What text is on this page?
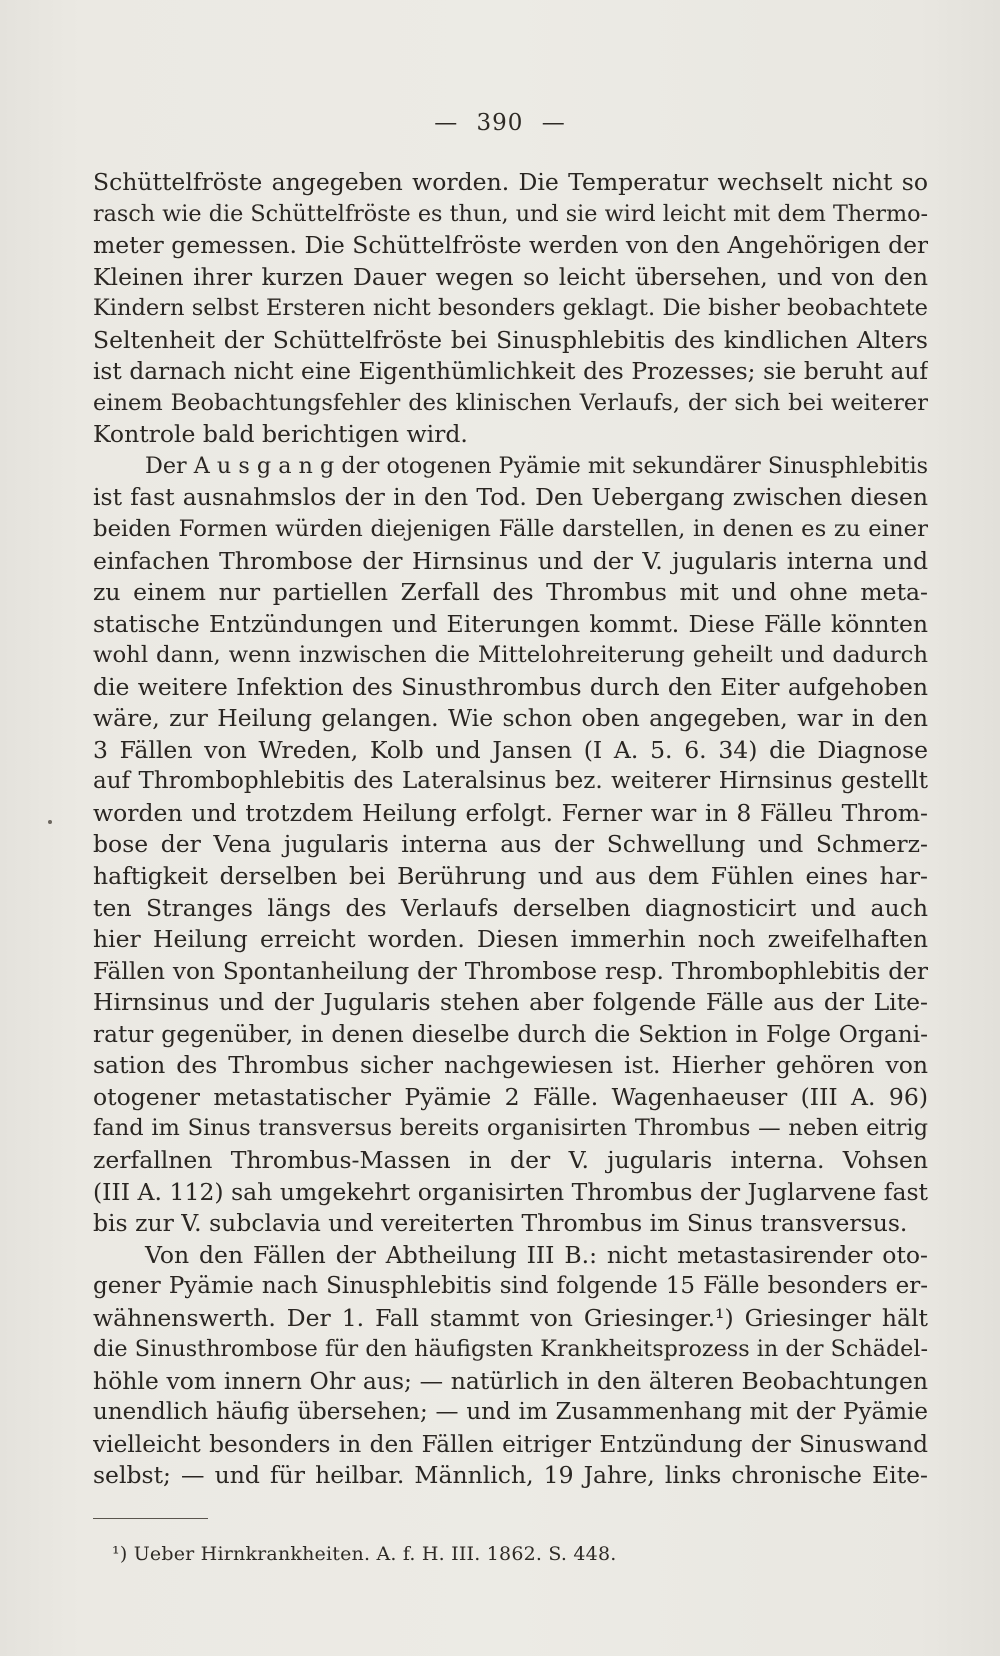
— 390 —
Schüttelfröste angegeben worden. Die Temperatur wechselt nicht so
rasch wie die Schüttelfröste es thun, und sie wird leicht mit dem Thermo-
meter gemessen. Die Schüttelfröste werden von den Angehörigen der
Kleinen ihrer kurzen Dauer wegen so leicht übersehen, und von den
Kindern selbst Ersteren nicht besonders geklagt. Die bisher beobachtete
Seltenheit der Schüttelfröste bei Sinusphlebitis des kindlichen Alters
ist darnach nicht eine Eigenthümlichkeit des Prozesses; sie beruht auf
einem Beobachtungsfehler des klinischen Verlaufs, der sich bei weiterer
Kontrole bald berichtigen wird.
Der A u s g a n g der otogenen Pyämie mit sekundärer Sinusphlebitis
ist fast ausnahmslos der in den Tod. Den Uebergang zwischen diesen
beiden Formen würden diejenigen Fälle darstellen, in denen es zu einer
einfachen Thrombose der Hirnsinus und der V. jugularis interna und
zu einem nur partiellen Zerfall des Thrombus mit und ohne meta-
statische Entzündungen und Eiterungen kommt. Diese Fälle könnten
wohl dann, wenn inzwischen die Mittelohreiterung geheilt und dadurch
die weitere Infektion des Sinusthrombus durch den Eiter aufgehoben
wäre, zur Heilung gelangen. Wie schon oben angegeben, war in den
3 Fällen von Wreden, Kolb und Jansen (I A. 5. 6. 34) die Diagnose
auf Thrombophlebitis des Lateralsinus bez. weiterer Hirnsinus gestellt
worden und trotzdem Heilung erfolgt. Ferner war in 8 Fälleu Throm-
bose der Vena jugularis interna aus der Schwellung und Schmerz-
haftigkeit derselben bei Berührung und aus dem Fühlen eines har-
ten Stranges längs des Verlaufs derselben diagnosticirt und auch
hier Heilung erreicht worden. Diesen immerhin noch zweifelhaften
Fällen von Spontanheilung der Thrombose resp. Thrombophlebitis der
Hirnsinus und der Jugularis stehen aber folgende Fälle aus der Lite-
ratur gegenüber, in denen dieselbe durch die Sektion in Folge Organi-
sation des Thrombus sicher nachgewiesen ist. Hierher gehören von
otogener metastatischer Pyämie 2 Fälle. Wagenhaeuser (III A. 96)
fand im Sinus transversus bereits organisirten Thrombus — neben eitrig
zerfallnen Thrombus-Massen in der V. jugularis interna. Vohsen
(III A. 112) sah umgekehrt organisirten Thrombus der Juglarvene fast
bis zur V. subclavia und vereiterten Thrombus im Sinus transversus.
Von den Fällen der Abtheilung III B.: nicht metastasirender oto-
gener Pyämie nach Sinusphlebitis sind folgende 15 Fälle besonders er-
wähnenswerth. Der 1. Fall stammt von Griesinger.¹) Griesinger hält
die Sinusthrombose für den häufigsten Krankheitsprozess in der Schädel-
höhle vom innern Ohr aus; — natürlich in den älteren Beobachtungen
unendlich häufig übersehen; — und im Zusammenhang mit der Pyämie
vielleicht besonders in den Fällen eitriger Entzündung der Sinuswand
selbst; — und für heilbar. Männlich, 19 Jahre, links chronische Eite-
¹) Ueber Hirnkrankheiten. A. f. H. III. 1862. S. 448.
